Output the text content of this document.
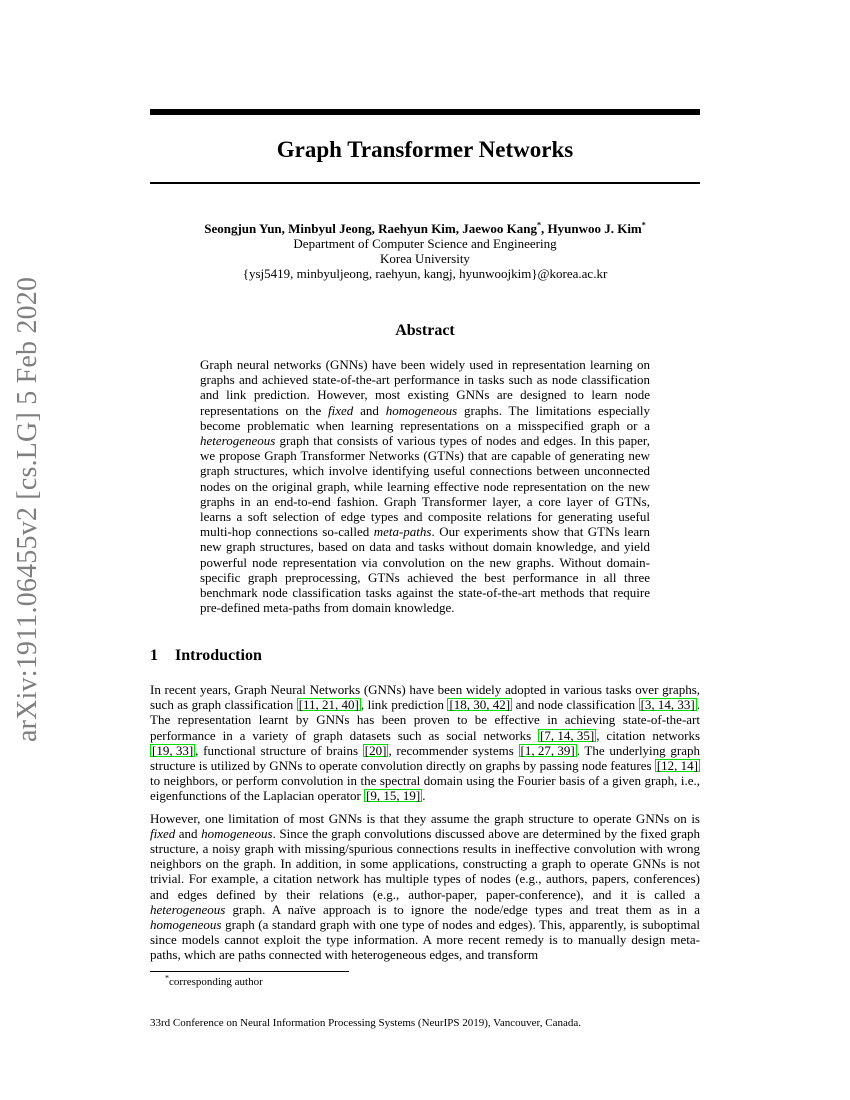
arXiv:1911.06455v2 [cs.LG] 5 Feb 2020
Graph Transformer Networks
Seongjun Yun, Minbyul Jeong, Raehyun Kim, Jaewoo Kang*, Hyunwoo J. Kim*
Department of Computer Science and Engineering
Korea University
{ysj5419, minbyuljeong, raehyun, kangj, hyunwoojkim}@korea.ac.kr
Abstract
Graph neural networks (GNNs) have been widely used in representation learning on graphs and achieved state-of-the-art performance in tasks such as node classification and link prediction. However, most existing GNNs are designed to learn node representations on the fixed and homogeneous graphs. The limitations especially become problematic when learning representations on a misspecified graph or a heterogeneous graph that consists of various types of nodes and edges. In this paper, we propose Graph Transformer Networks (GTNs) that are capable of generating new graph structures, which involve identifying useful connections between unconnected nodes on the original graph, while learning effective node representation on the new graphs in an end-to-end fashion. Graph Transformer layer, a core layer of GTNs, learns a soft selection of edge types and composite relations for generating useful multi-hop connections so-called meta-paths. Our experiments show that GTNs learn new graph structures, based on data and tasks without domain knowledge, and yield powerful node representation via convolution on the new graphs. Without domain-specific graph preprocessing, GTNs achieved the best performance in all three benchmark node classification tasks against the state-of-the-art methods that require pre-defined meta-paths from domain knowledge.
1 Introduction

In recent years, Graph Neural Networks (GNNs) have been widely adopted in various tasks over graphs, such as graph classification [11, 21, 40] , link prediction [18, 30, 42] and node classification [3, 14, 33] . The representation learnt by GNNs has been proven to be effective in achieving state-of-the-art performance in a variety of graph datasets such as social networks [7, 14, 35] , citation networks [19, 33] , functional structure of brains [20] , recommender systems [1, 27, 39] . The underlying graph structure is utilized by GNNs to operate convolution directly on graphs by passing node features [12, 14] to neighbors, or perform convolution in the spectral domain using the Fourier basis of a given graph, i.e., eigenfunctions of the Laplacian operator [9, 15, 19] .

However, one limitation of most GNNs is that they assume the graph structure to operate GNNs on is fixed and homogeneous. Since the graph convolutions discussed above are determined by the fixed graph structure, a noisy graph with missing/spurious connections results in ineffective convolution with wrong neighbors on the graph. In addition, in some applications, constructing a graph to operate GNNs is not trivial. For example, a citation network has multiple types of nodes (e.g., authors, papers, conferences) and edges defined by their relations (e.g., author-paper, paper-conference), and it is called a heterogeneous graph. A naïve approach is to ignore the node/edge types and treat them as in a homogeneous graph (a standard graph with one type of nodes and edges). This, apparently, is suboptimal since models cannot exploit the type information. A more recent remedy is to manually design meta-paths, which are paths connected with heterogeneous edges, and transform

*corresponding author
33rd Conference on Neural Information Processing Systems (NeurIPS 2019), Vancouver, Canada.
